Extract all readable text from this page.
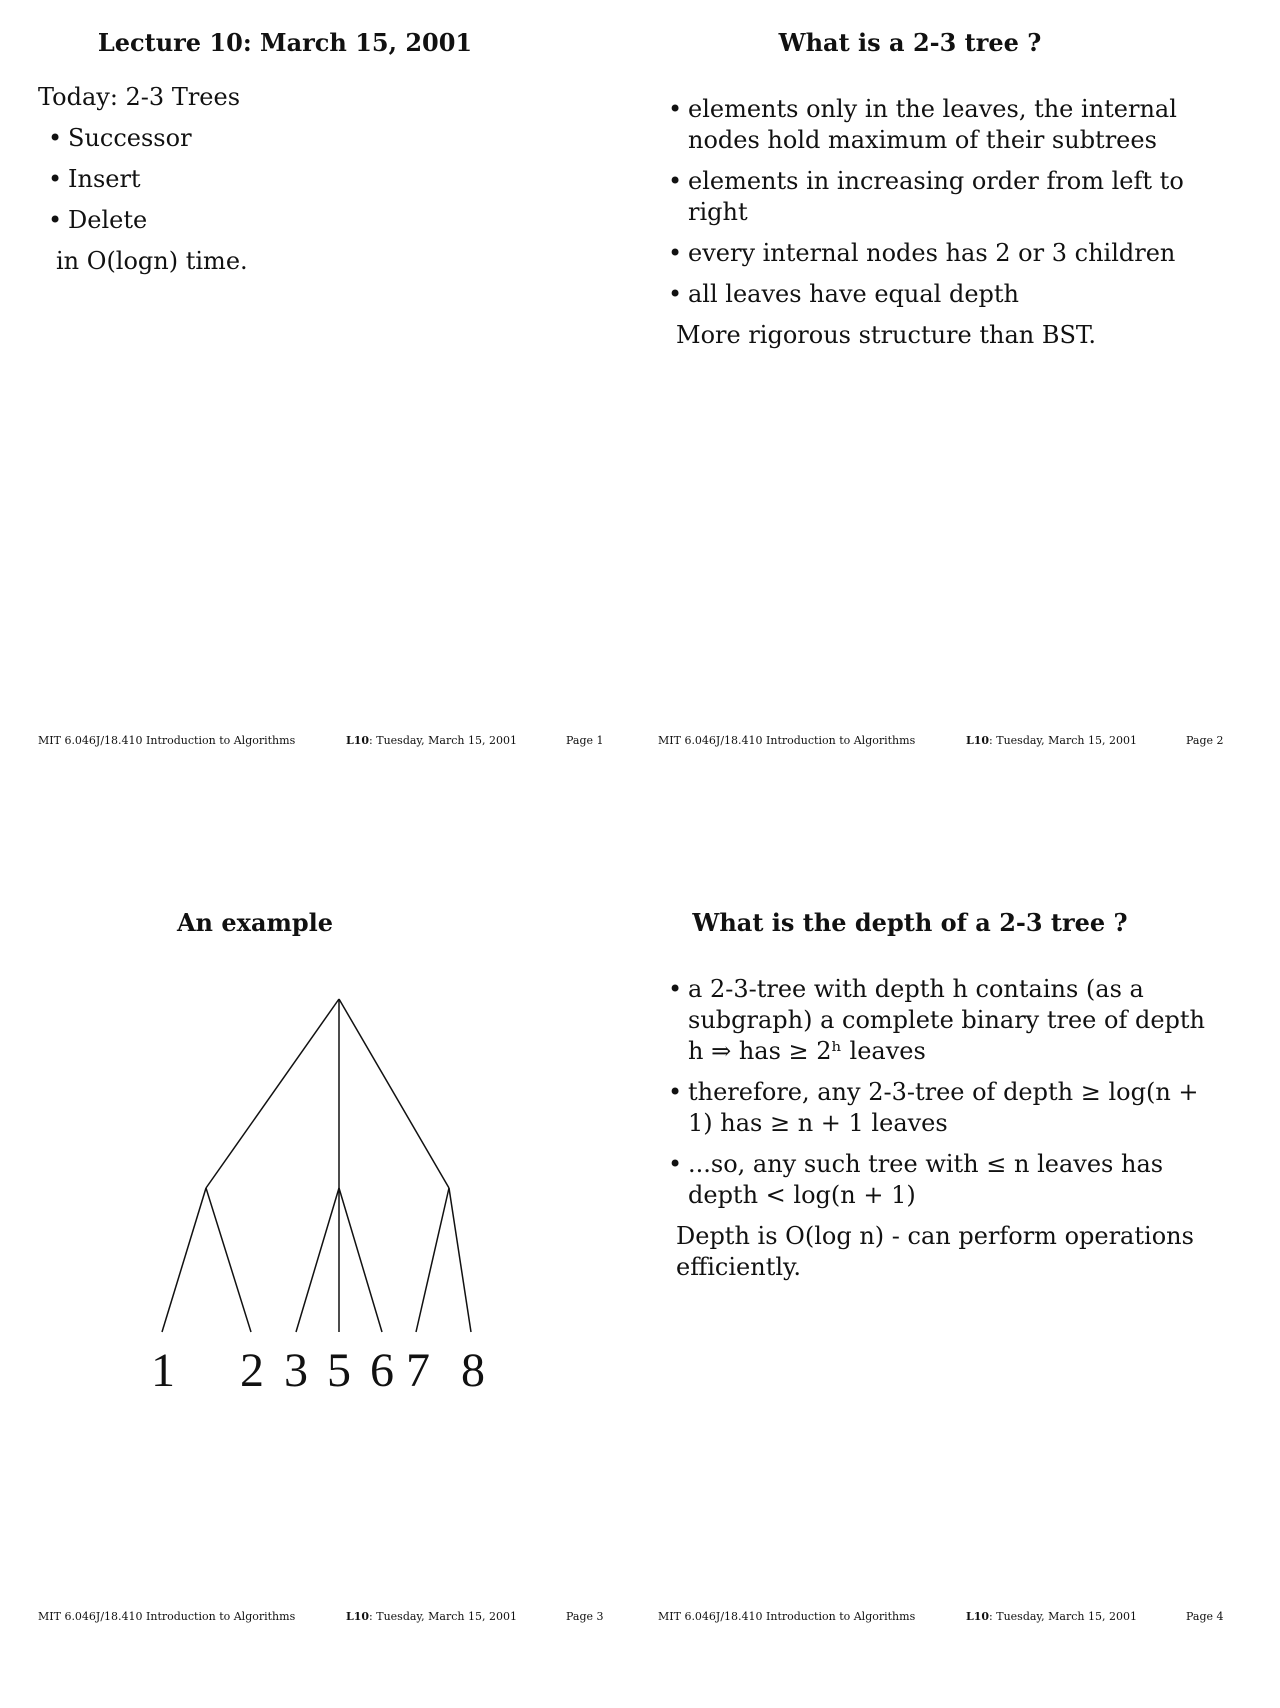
Lecture 10: March 15, 2001
Today: 2-3 Trees
• Successor
• Insert
• Delete
in O(logn) time.
MIT 6.046J/18.410 Introduction to Algorithms	L10: Tuesday, March 15, 2001	Page 1
What is a 2-3 tree ?
• elements only in the leaves, the internal nodes hold maximum of their subtrees
• elements in increasing order from left to right
• every internal nodes has 2 or 3 children
• all leaves have equal depth
More rigorous structure than BST.
MIT 6.046J/18.410 Introduction to Algorithms	L10: Tuesday, March 15, 2001	Page 2
An example
1 2 3 5 6 7 8
MIT 6.046J/18.410 Introduction to Algorithms	L10: Tuesday, March 15, 2001	Page 3
What is the depth of a 2-3 tree ?
• a 2-3-tree with depth h contains (as a subgraph) a complete binary tree of depth h ⇒ has ≥ 2ʰ leaves
• therefore, any 2-3-tree of depth ≥ log(n + 1) has ≥ n + 1 leaves
• ...so, any such tree with ≤ n leaves has depth < log(n + 1)
Depth is O(log n) - can perform operations efficiently.
MIT 6.046J/18.410 Introduction to Algorithms	L10: Tuesday, March 15, 2001	Page 4
